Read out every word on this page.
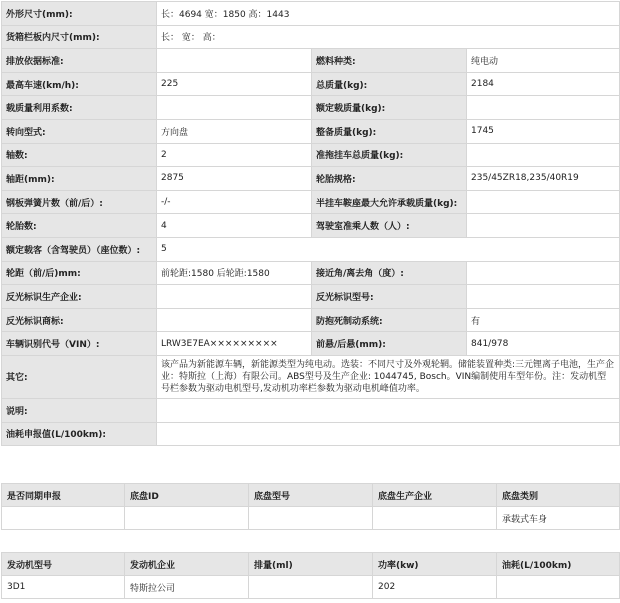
外形尺寸(mm):	长：4694 宽：1850 高：1443		
货箱栏板内尺寸(mm):	长： 宽： 高：		
排放依据标准:		燃料种类:	纯电动
最高车速(km/h):	225	总质量(kg):	2184
载质量利用系数:		额定载质量(kg):	
转向型式:	方向盘	整备质量(kg):	1745
轴数:	2	准拖挂车总质量(kg):	
轴距(mm):	2875	轮胎规格:	235/45ZR18,235/40R19
钢板弹簧片数（前/后）:	-/-	半挂车鞍座最大允许承载质量(kg):	
轮胎数:	4	驾驶室准乘人数（人）:	
额定载客（含驾驶员）（座位数）:	5		
轮距（前/后)mm:	前轮距:1580 后轮距:1580	接近角/离去角（度）:	
反光标识生产企业:		反光标识型号:	
反光标识商标:		防抱死制动系统:	有
车辆识别代号（VIN）:	LRW3E7EA×××××××××	前悬/后悬(mm):	841/978
其它:	该产品为新能源车辆，新能源类型为纯电动。选装：不同尺寸及外观轮辋。储能装置种类:三元锂离子电池，生产企业：特斯拉（上海）有限公司。ABS型号及生产企业: 1044745, Bosch。VIN编制使用车型年份。注：发动机型号栏参数为驱动电机型号,发动机功率栏参数为驱动电机峰值功率。		
说明:			
油耗申报值(L/100km):			
是否同期申报	底盘ID	底盘型号	底盘生产企业	底盘类别
				承载式车身
发动机型号	发动机企业	排量(ml)	功率(kw)	油耗(L/100km)
3D1	特斯拉公司		202	
